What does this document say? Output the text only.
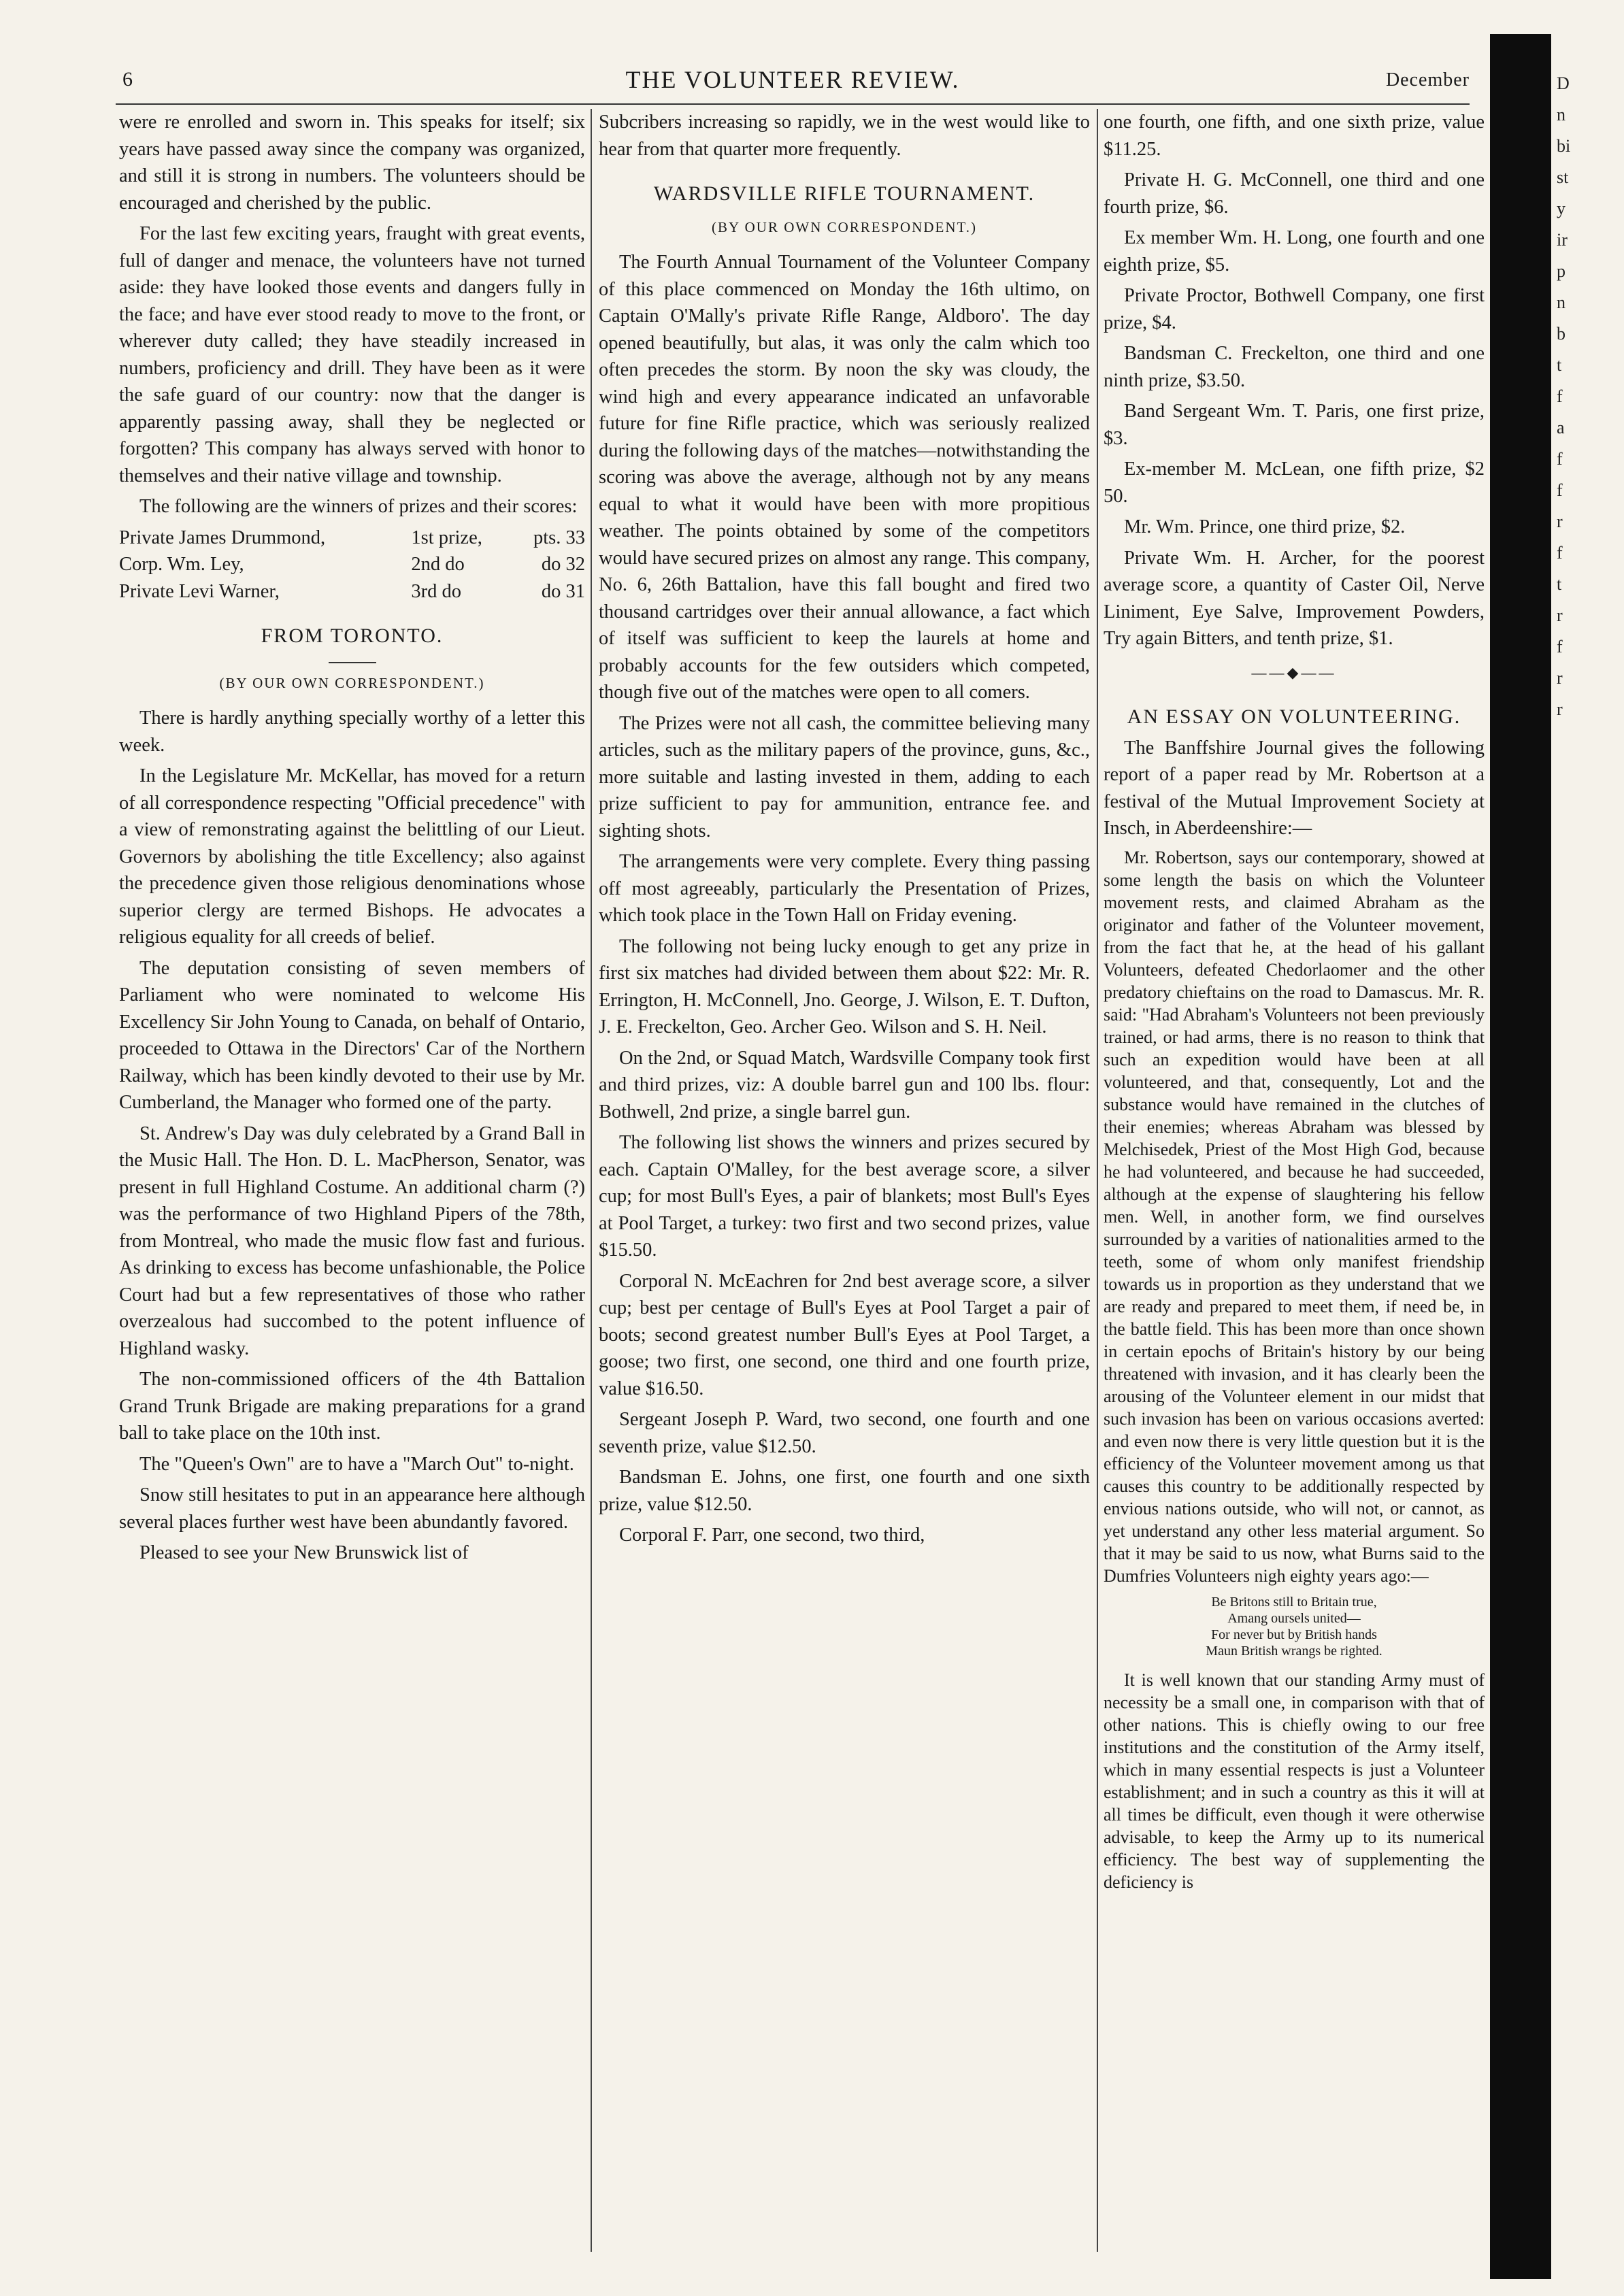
6	THE VOLUNTEER REVIEW.	December

were re enrolled and sworn in. This speaks for itself; six years have passed away since the company was organized, and still it is strong in numbers. The volunteers should be encouraged and cherished by the public.

For the last few exciting years, fraught with great events, full of danger and menace, the volunteers have not turned aside: they have looked those events and dangers fully in the face; and have ever stood ready to move to the front, or wherever duty called; they have steadily increased in numbers, proficiency and drill. They have been as it were the safe guard of our country: now that the danger is apparently passing away, shall they be neglected or forgotten? This company has always served with honor to themselves and their native village and township.

The following are the winners of prizes and their scores:

Private James Drummond,	1st prize,	pts. 33
Corp. Wm. Ley,	2nd do	do 32
Private Levi Warner,	3rd do	do 31
FROM TORONTO.
(BY OUR OWN CORRESPONDENT.)

There is hardly anything specially worthy of a letter this week.

In the Legislature Mr. McKellar, has moved for a return of all correspondence respecting "Official precedence" with a view of remonstrating against the belittling of our Lieut. Governors by abolishing the title Excellency; also against the precedence given those religious denominations whose superior clergy are termed Bishops. He advocates a religious equality for all creeds of belief.

The deputation consisting of seven members of Parliament who were nominated to welcome His Excellency Sir John Young to Canada, on behalf of Ontario, proceeded to Ottawa in the Directors' Car of the Northern Railway, which has been kindly devoted to their use by Mr. Cumberland, the Manager who formed one of the party.

St. Andrew's Day was duly celebrated by a Grand Ball in the Music Hall. The Hon. D. L. MacPherson, Senator, was present in full Highland Costume. An additional charm (?) was the performance of two Highland Pipers of the 78th, from Montreal, who made the music flow fast and furious. As drinking to excess has become unfashionable, the Police Court had but a few representatives of those who rather overzealous had succombed to the potent influence of Highland wasky.

The non-commissioned officers of the 4th Battalion Grand Trunk Brigade are making preparations for a grand ball to take place on the 10th inst.

The "Queen's Own" are to have a "March Out" to-night.

Snow still hesitates to put in an appearance here although several places further west have been abundantly favored.

Pleased to see your New Brunswick list of

Subcribers increasing so rapidly, we in the west would like to hear from that quarter more frequently.

WARDSVILLE RIFLE TOURNAMENT.
(BY OUR OWN CORRESPONDENT.)

The Fourth Annual Tournament of the Volunteer Company of this place commenced on Monday the 16th ultimo, on Captain O'Mally's private Rifle Range, Aldboro'. The day opened beautifully, but alas, it was only the calm which too often precedes the storm. By noon the sky was cloudy, the wind high and every appearance indicated an unfavorable future for fine Rifle practice, which was seriously realized during the following days of the matches—notwithstanding the scoring was above the average, although not by any means equal to what it would have been with more propitious weather. The points obtained by some of the competitors would have secured prizes on almost any range. This company, No. 6, 26th Battalion, have this fall bought and fired two thousand cartridges over their annual allowance, a fact which of itself was sufficient to keep the laurels at home and probably accounts for the few outsiders which competed, though five out of the matches were open to all comers.

The Prizes were not all cash, the committee believing many articles, such as the military papers of the province, guns, &c., more suitable and lasting invested in them, adding to each prize sufficient to pay for ammunition, entrance fee. and sighting shots.

The arrangements were very complete. Every thing passing off most agreeably, particularly the Presentation of Prizes, which took place in the Town Hall on Friday evening.

The following not being lucky enough to get any prize in first six matches had divided between them about $22: Mr. R. Errington, H. McConnell, Jno. George, J. Wilson, E. T. Dufton, J. E. Freckelton, Geo. Archer Geo. Wilson and S. H. Neil.

On the 2nd, or Squad Match, Wardsville Company took first and third prizes, viz: A double barrel gun and 100 lbs. flour: Bothwell, 2nd prize, a single barrel gun.

The following list shows the winners and prizes secured by each. Captain O'Malley, for the best average score, a silver cup; for most Bull's Eyes, a pair of blankets; most Bull's Eyes at Pool Target, a turkey: two first and two second prizes, value $15.50.

Corporal N. McEachren for 2nd best average score, a silver cup; best per centage of Bull's Eyes at Pool Target a pair of boots; second greatest number Bull's Eyes at Pool Target, a goose; two first, one second, one third and one fourth prize, value $16.50.

Sergeant Joseph P. Ward, two second, one fourth and one seventh prize, value $12.50.

Bandsman E. Johns, one first, one fourth and one sixth prize, value $12.50.

Corporal F. Parr, one second, two third,

one fourth, one fifth, and one sixth prize, value $11.25.

Private H. G. McConnell, one third and one fourth prize, $6.

Ex member Wm. H. Long, one fourth and one eighth prize, $5.

Private Proctor, Bothwell Company, one first prize, $4.

Bandsman C. Freckelton, one third and one ninth prize, $3.50.

Band Sergeant Wm. T. Paris, one first prize, $3.

Ex-member M. McLean, one fifth prize, $2 50.

Mr. Wm. Prince, one third prize, $2.

Private Wm. H. Archer, for the poorest average score, a quantity of Caster Oil, Nerve Liniment, Eye Salve, Improvement Powders, Try again Bitters, and tenth prize, $1.

——◆——
AN ESSAY ON VOLUNTEERING.

The Banffshire Journal gives the following report of a paper read by Mr. Robertson at a festival of the Mutual Improvement Society at Insch, in Aberdeenshire:—

Mr. Robertson, says our contemporary, showed at some length the basis on which the Volunteer movement rests, and claimed Abraham as the originator and father of the Volunteer movement, from the fact that he, at the head of his gallant Volunteers, defeated Chedorlaomer and the other predatory chieftains on the road to Damascus. Mr. R. said: "Had Abraham's Volunteers not been previously trained, or had arms, there is no reason to think that such an expedition would have been at all volunteered, and that, consequently, Lot and the substance would have remained in the clutches of their enemies; whereas Abraham was blessed by Melchisedek, Priest of the Most High God, because he had volunteered, and because he had succeeded, although at the expense of slaughtering his fellow men. Well, in another form, we find ourselves surrounded by a varities of nationalities armed to the teeth, some of whom only manifest friendship towards us in proportion as they understand that we are ready and prepared to meet them, if need be, in the battle field. This has been more than once shown in certain epochs of Britain's history by our being threatened with invasion, and it has clearly been the arousing of the Volunteer element in our midst that such invasion has been on various occasions averted: and even now there is very little question but it is the efficiency of the Volunteer movement among us that causes this country to be additionally respected by envious nations outside, who will not, or cannot, as yet understand any other less material argument. So that it may be said to us now, what Burns said to the Dumfries Volunteers nigh eighty years ago:—

Be Britons still to Britain true,
Amang oursels united—
For never but by British hands
Maun British wrangs be righted.

It is well known that our standing Army must of necessity be a small one, in comparison with that of other nations. This is chiefly owing to our free institutions and the constitution of the Army itself, which in many essential respects is just a Volunteer establishment; and in such a country as this it will at all times be difficult, even though it were otherwise advisable, to keep the Army up to its numerical efficiency. The best way of supplementing the deficiency is

D
n
bi
st
y
ir
p
n
b
t
f
a
f
f
r
f
t
r
f
r
r
